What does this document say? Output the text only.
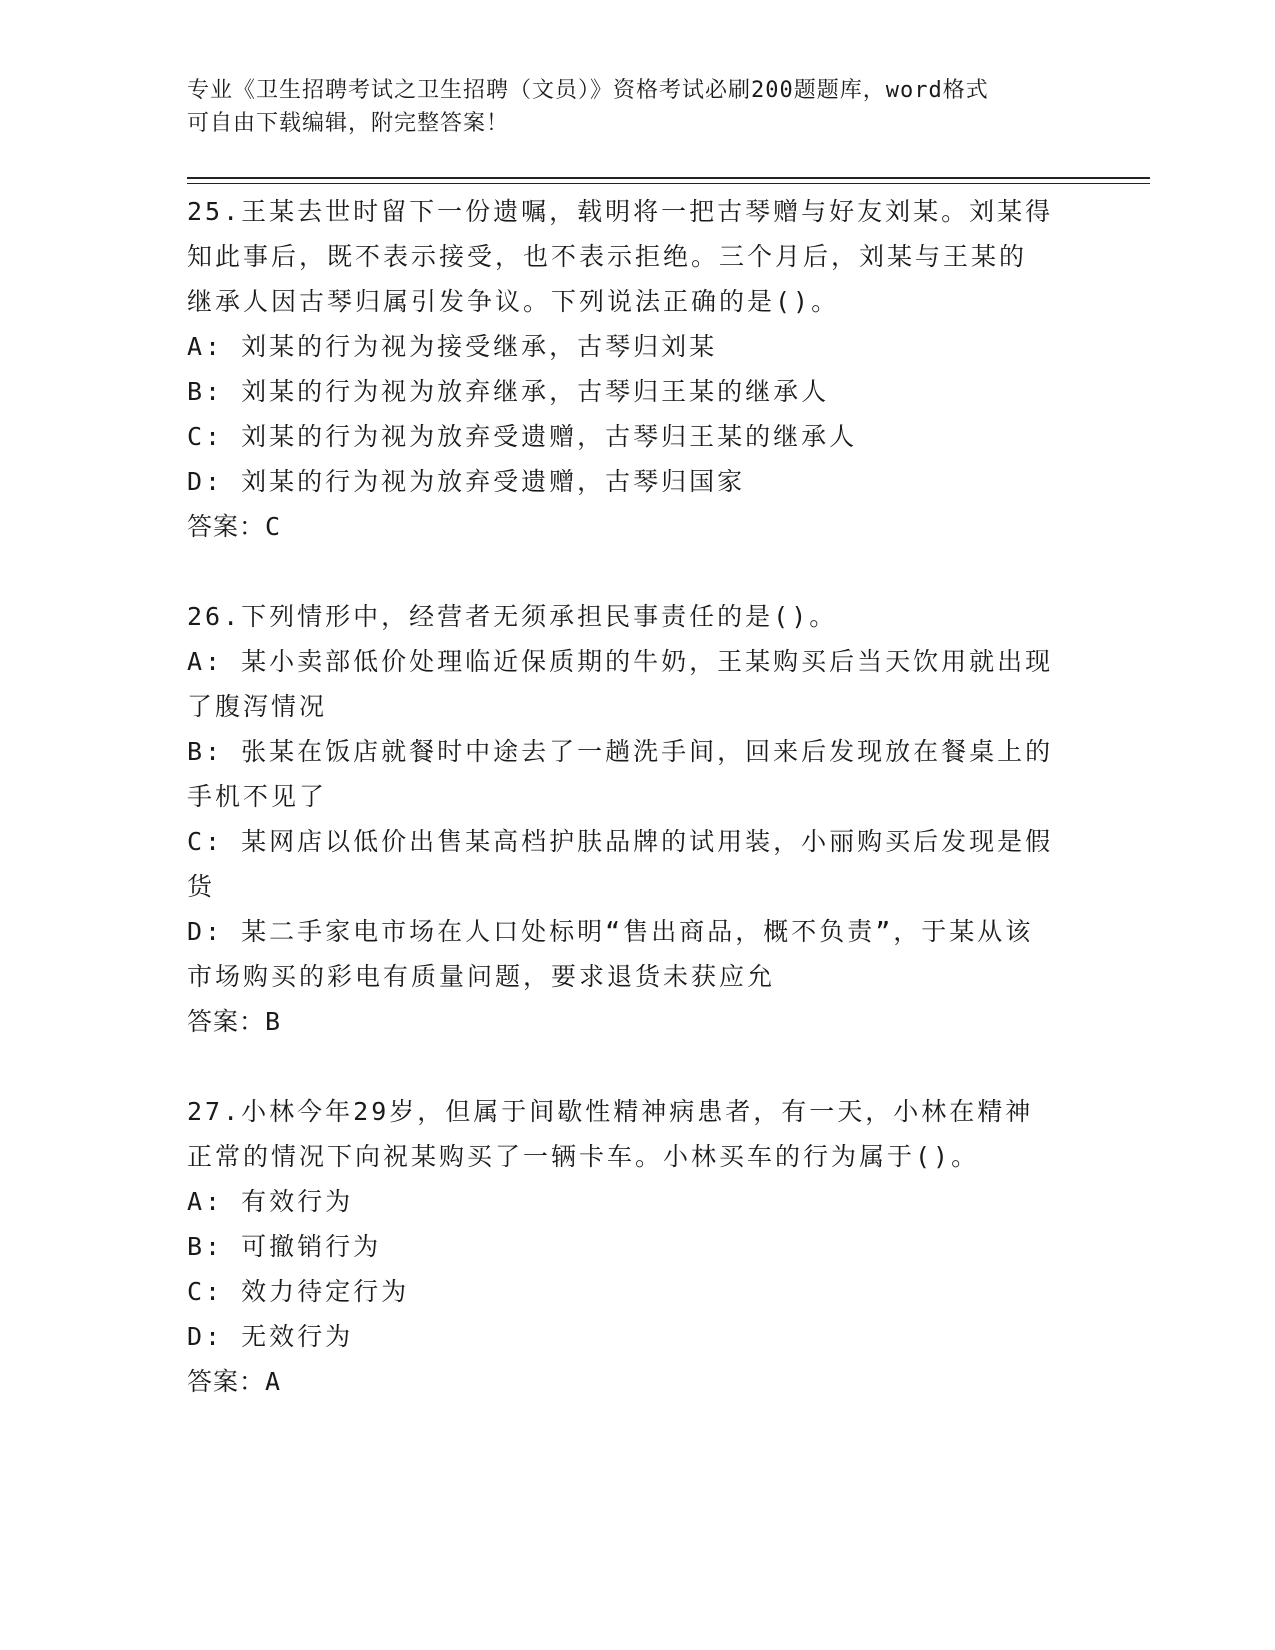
专业《卫生招聘考试之卫生招聘（文员）》资格考试必刷200题题库，word格式
可自由下载编辑，附完整答案！
25.王某去世时留下一份遗嘱，载明将一把古琴赠与好友刘某。刘某得
知此事后，既不表示接受，也不表示拒绝。三个月后，刘某与王某的
继承人因古琴归属引发争议。下列说法正确的是()。
A: 刘某的行为视为接受继承，古琴归刘某
B: 刘某的行为视为放弃继承，古琴归王某的继承人
C: 刘某的行为视为放弃受遗赠，古琴归王某的继承人
D: 刘某的行为视为放弃受遗赠，古琴归国家
答案：C
26.下列情形中，经营者无须承担民事责任的是()。
A: 某小卖部低价处理临近保质期的牛奶，王某购买后当天饮用就出现
了腹泻情况
B: 张某在饭店就餐时中途去了一趟洗手间，回来后发现放在餐桌上的
手机不见了
C: 某网店以低价出售某高档护肤品牌的试用装，小丽购买后发现是假
货
D: 某二手家电市场在人口处标明“售出商品，概不负责”，于某从该
市场购买的彩电有质量问题，要求退货未获应允
答案：B
27.小林今年29岁，但属于间歇性精神病患者，有一天，小林在精神
正常的情况下向祝某购买了一辆卡车。小林买车的行为属于()。
A: 有效行为
B: 可撤销行为
C: 效力待定行为
D: 无效行为
答案：A
